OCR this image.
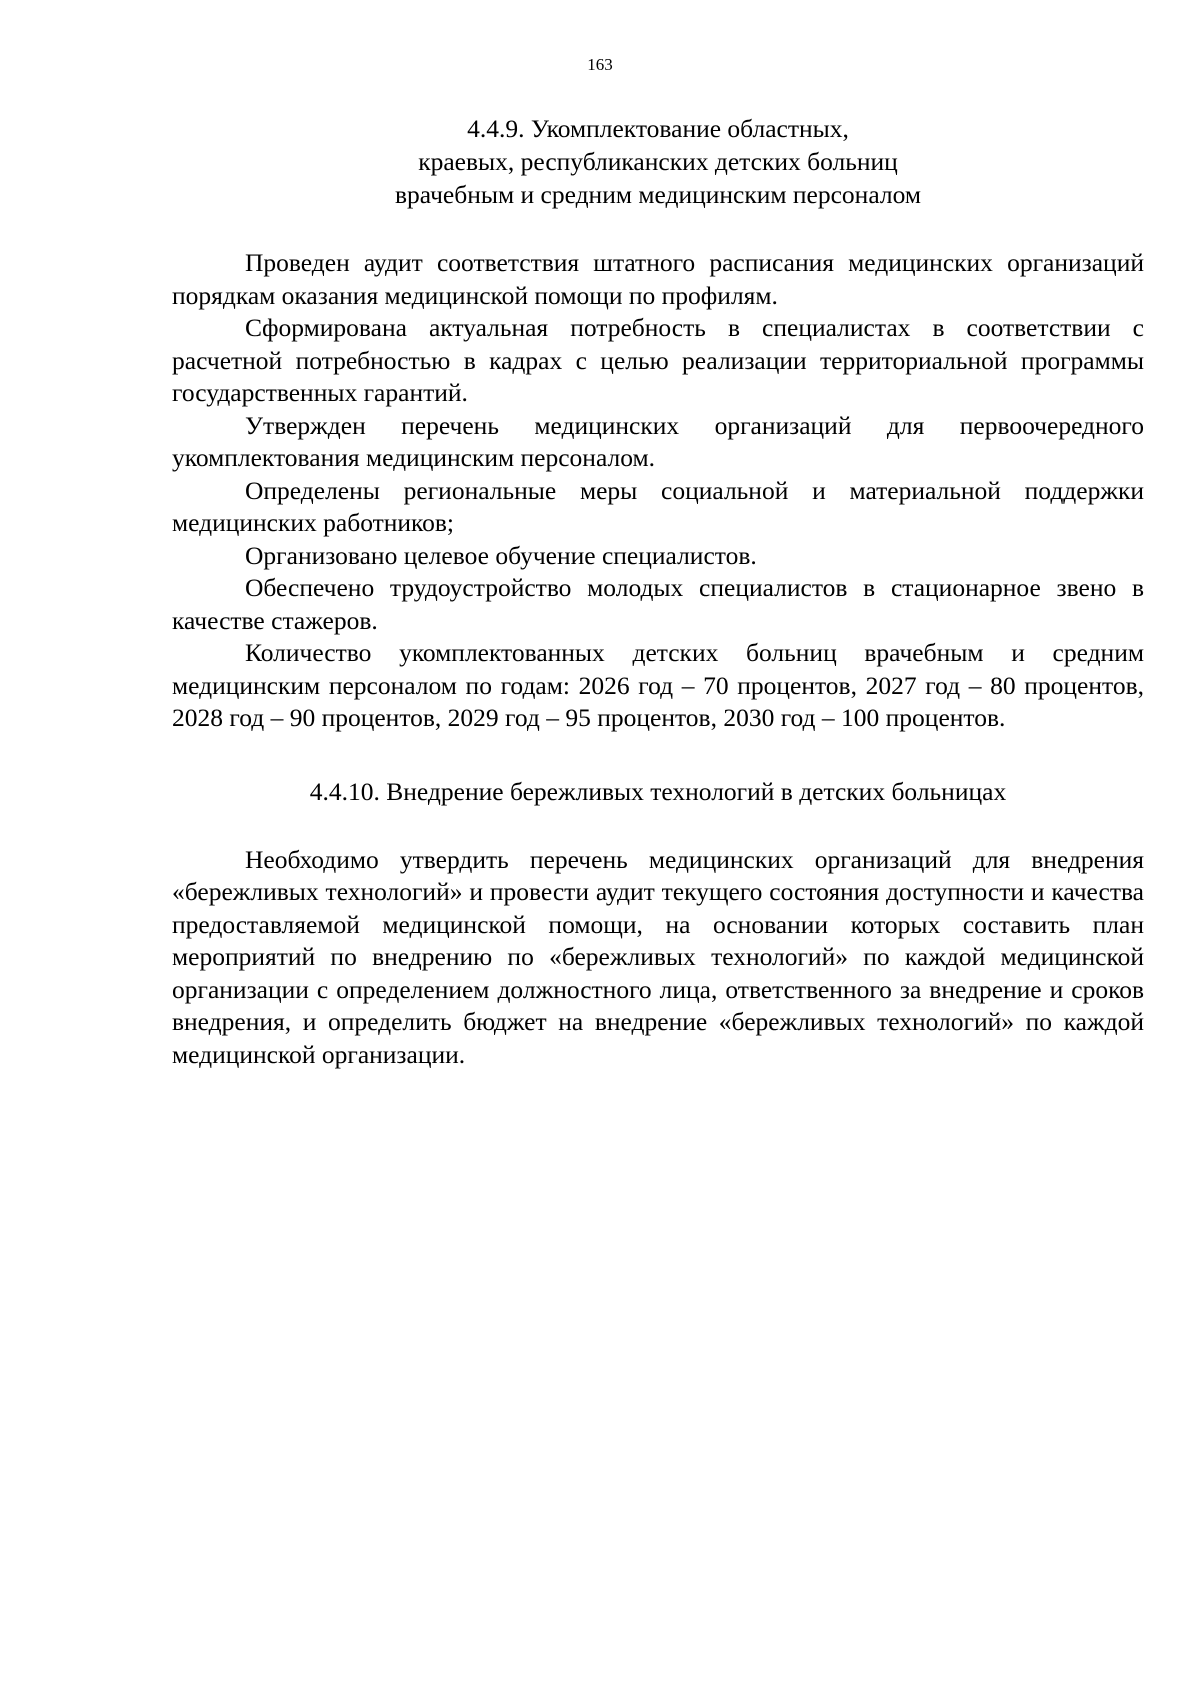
163
4.4.9. Укомплектование областных,
краевых, республиканских детских больниц
врачебным и средним медицинским персоналом

Проведен аудит соответствия штатного расписания медицинских организаций порядкам оказания медицинской помощи по профилям.

Сформирована актуальная потребность в специалистах в соответствии с расчетной потребностью в кадрах с целью реализации территориальной программы государственных гарантий.

Утвержден перечень медицинских организаций для первоочередного укомплектования медицинским персоналом.

Определены региональные меры социальной и материальной поддержки медицинских работников;

Организовано целевое обучение специалистов.

Обеспечено трудоустройство молодых специалистов в стационарное звено в качестве стажеров.

Количество укомплектованных детских больниц врачебным и средним медицинским персоналом по годам: 2026 год – 70 процентов, 2027 год – 80 процентов, 2028 год – 90 процентов, 2029 год – 95 процентов, 2030 год – 100 процентов.

4.4.10. Внедрение бережливых технологий в детских больницах

Необходимо утвердить перечень медицинских организаций для внедрения «бережливых технологий» и провести аудит текущего состояния доступности и качества предоставляемой медицинской помощи, на основании которых составить план мероприятий по внедрению по «бережливых технологий» по каждой медицинской организации с определением должностного лица, ответственного за внедрение и сроков внедрения, и определить бюджет на внедрение «бережливых технологий» по каждой медицинской организации.
